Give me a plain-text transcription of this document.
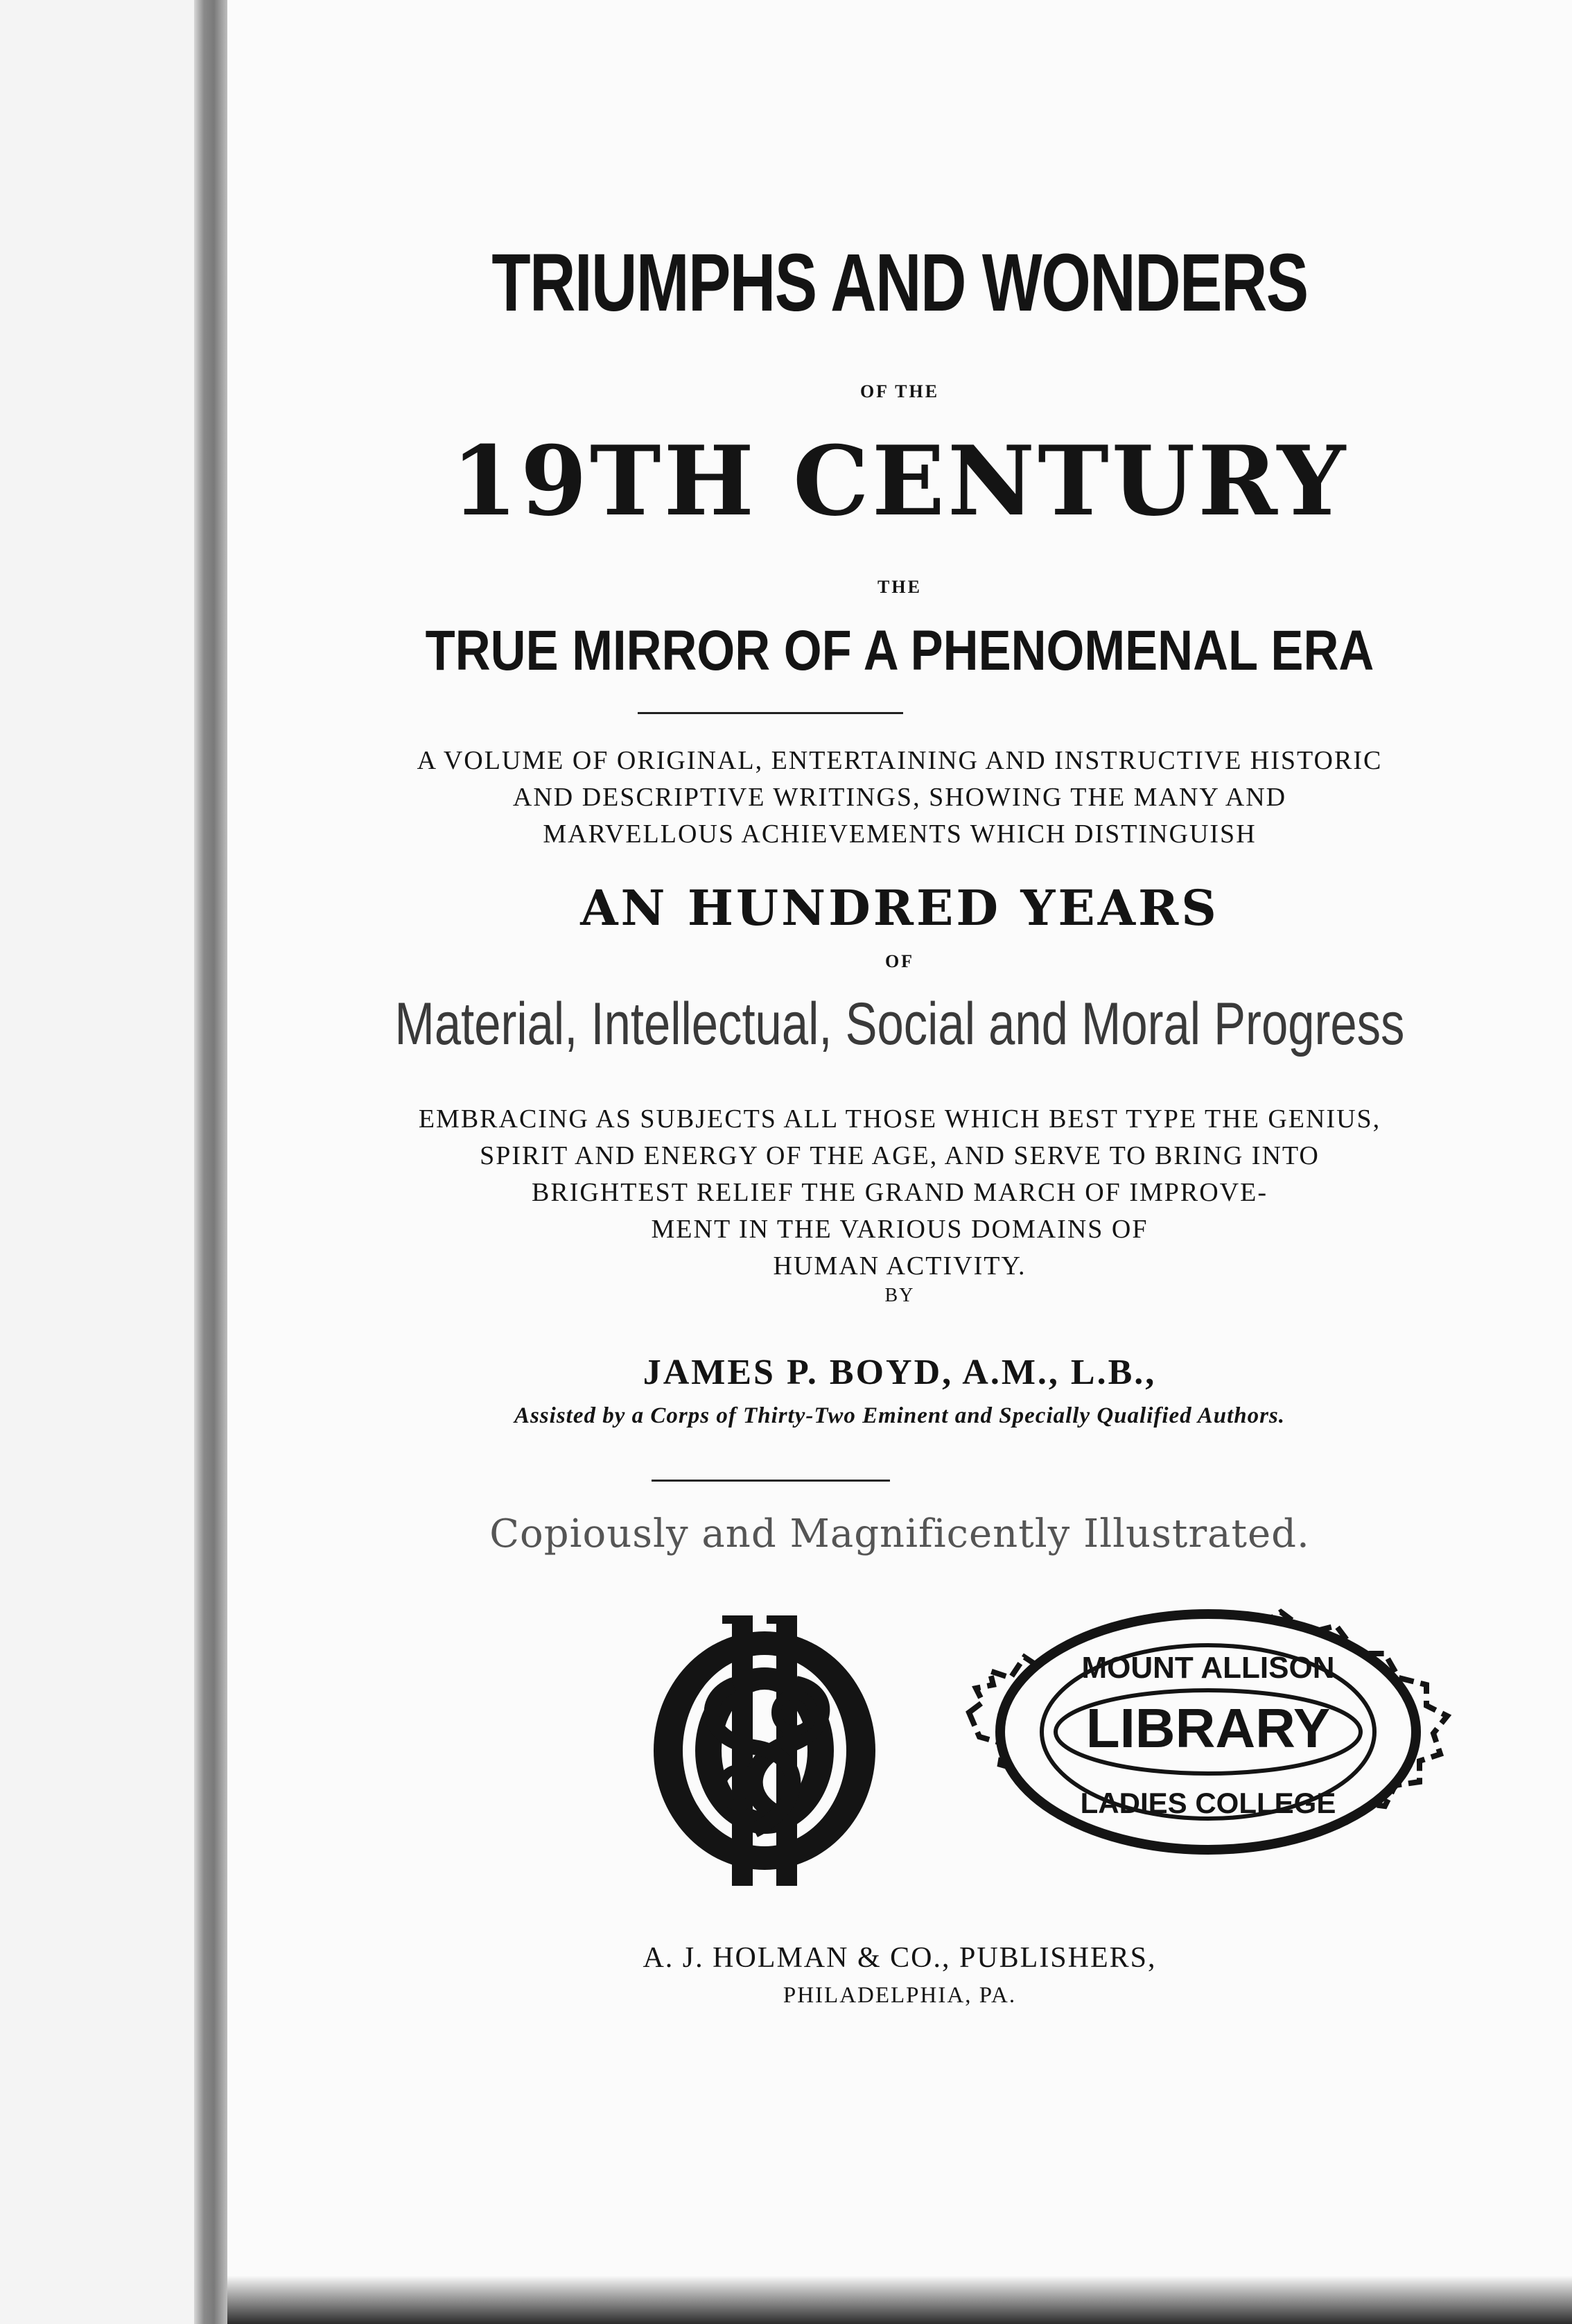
TRIUMPHS AND WONDERS
OF THE
19TH CENTURY
THE
TRUE MIRROR OF A PHENOMENAL ERA
A VOLUME OF ORIGINAL, ENTERTAINING AND INSTRUCTIVE HISTORIC
AND DESCRIPTIVE WRITINGS, SHOWING THE MANY AND
MARVELLOUS ACHIEVEMENTS WHICH DISTINGUISH
AN HUNDRED YEARS
OF
Material, Intellectual, Social and Moral Progress
EMBRACING AS SUBJECTS ALL THOSE WHICH BEST TYPE THE GENIUS,
SPIRIT AND ENERGY OF THE AGE, AND SERVE TO BRING INTO
BRIGHTEST RELIEF THE GRAND MARCH OF IMPROVE-
MENT IN THE VARIOUS DOMAINS OF
HUMAN ACTIVITY.
BY
JAMES P. BOYD, A.M., L.B.,
Assisted by a Corps of Thirty-Two Eminent and Specially Qualified Authors.
Copiously and Magnificently Illustrated.
MOUNT ALLISON
LIBRARY
LADIES COLLEGE
A. J. HOLMAN & CO., PUBLISHERS,
PHILADELPHIA, PA.
